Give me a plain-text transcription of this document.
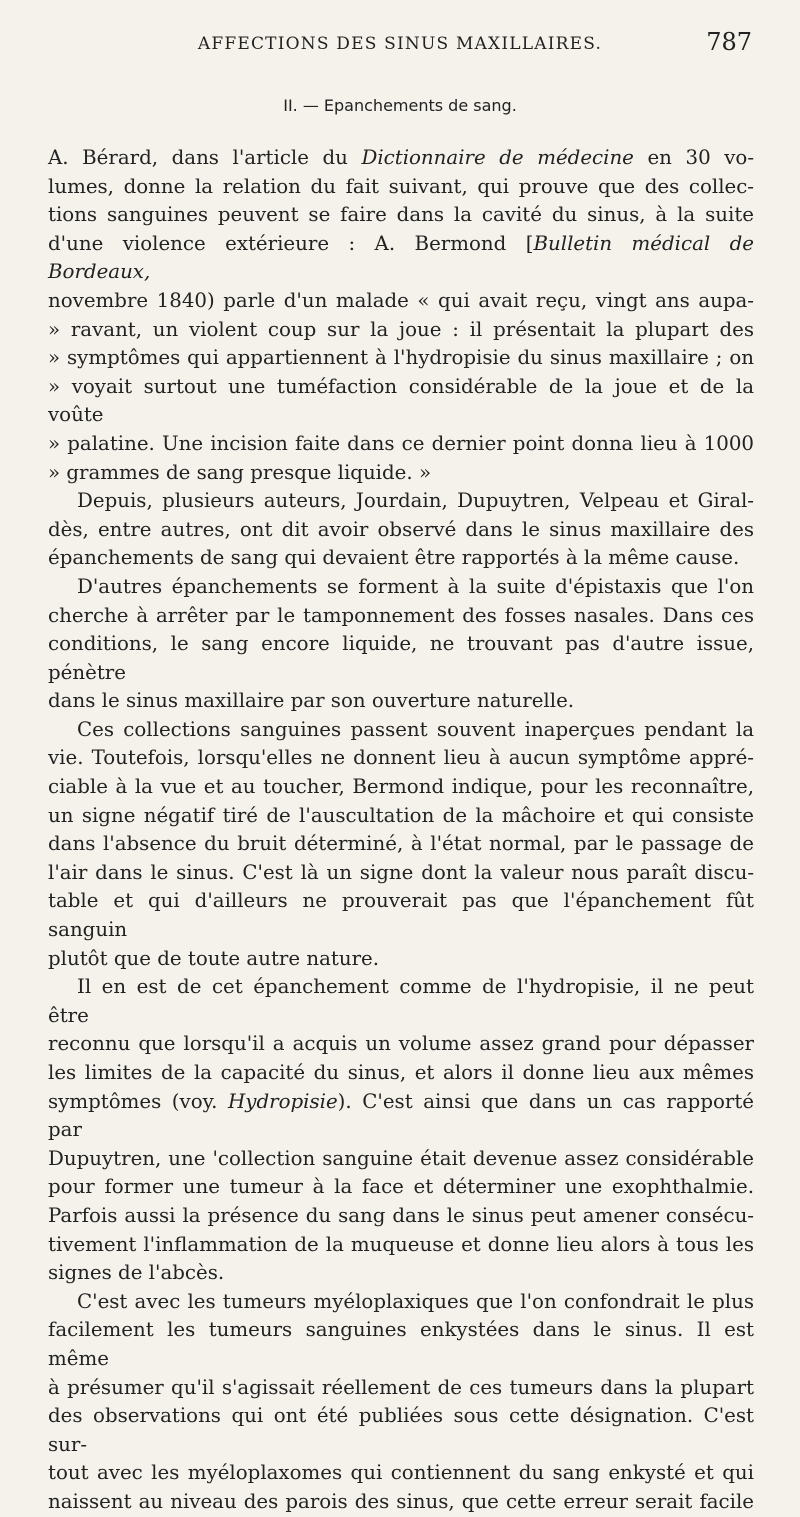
AFFECTIONS DES SINUS MAXILLAIRES.	787
II. — Epanchements de sang.
A. Bérard, dans l'article du Dictionnaire de médecine en 30 vo-
lumes, donne la relation du fait suivant, qui prouve que des collec-
tions sanguines peuvent se faire dans la cavité du sinus, à la suite
d'une violence extérieure : A. Bermond [Bulletin médical de Bordeaux,
novembre 1840) parle d'un malade « qui avait reçu, vingt ans aupa-
» ravant, un violent coup sur la joue : il présentait la plupart des
» symptômes qui appartiennent à l'hydropisie du sinus maxillaire ; on
» voyait surtout une tuméfaction considérable de la joue et de la voûte
» palatine. Une incision faite dans ce dernier point donna lieu à 1000
» grammes de sang presque liquide. »
Depuis, plusieurs auteurs, Jourdain, Dupuytren, Velpeau et Giral-
dès, entre autres, ont dit avoir observé dans le sinus maxillaire des
épanchements de sang qui devaient être rapportés à la même cause.
D'autres épanchements se forment à la suite d'épistaxis que l'on
cherche à arrêter par le tamponnement des fosses nasales. Dans ces
conditions, le sang encore liquide, ne trouvant pas d'autre issue, pénètre
dans le sinus maxillaire par son ouverture naturelle.
Ces collections sanguines passent souvent inaperçues pendant la
vie. Toutefois, lorsqu'elles ne donnent lieu à aucun symptôme appré-
ciable à la vue et au toucher, Bermond indique, pour les reconnaître,
un signe négatif tiré de l'auscultation de la mâchoire et qui consiste
dans l'absence du bruit déterminé, à l'état normal, par le passage de
l'air dans le sinus. C'est là un signe dont la valeur nous paraît discu-
table et qui d'ailleurs ne prouverait pas que l'épanchement fût sanguin
plutôt que de toute autre nature.
Il en est de cet épanchement comme de l'hydropisie, il ne peut être
reconnu que lorsqu'il a acquis un volume assez grand pour dépasser
les limites de la capacité du sinus, et alors il donne lieu aux mêmes
symptômes (voy. Hydropisie). C'est ainsi que dans un cas rapporté par
Dupuytren, une 'collection sanguine était devenue assez considérable
pour former une tumeur à la face et déterminer une exophthalmie.
Parfois aussi la présence du sang dans le sinus peut amener consécu-
tivement l'inflammation de la muqueuse et donne lieu alors à tous les
signes de l'abcès.
C'est avec les tumeurs myéloplaxiques que l'on confondrait le plus
facilement les tumeurs sanguines enkystées dans le sinus. Il est même
à présumer qu'il s'agissait réellement de ces tumeurs dans la plupart
des observations qui ont été publiées sous cette désignation. C'est sur-
tout avec les myéloplaxomes qui contiennent du sang enkysté et qui
naissent au niveau des parois des sinus, que cette erreur serait facile
